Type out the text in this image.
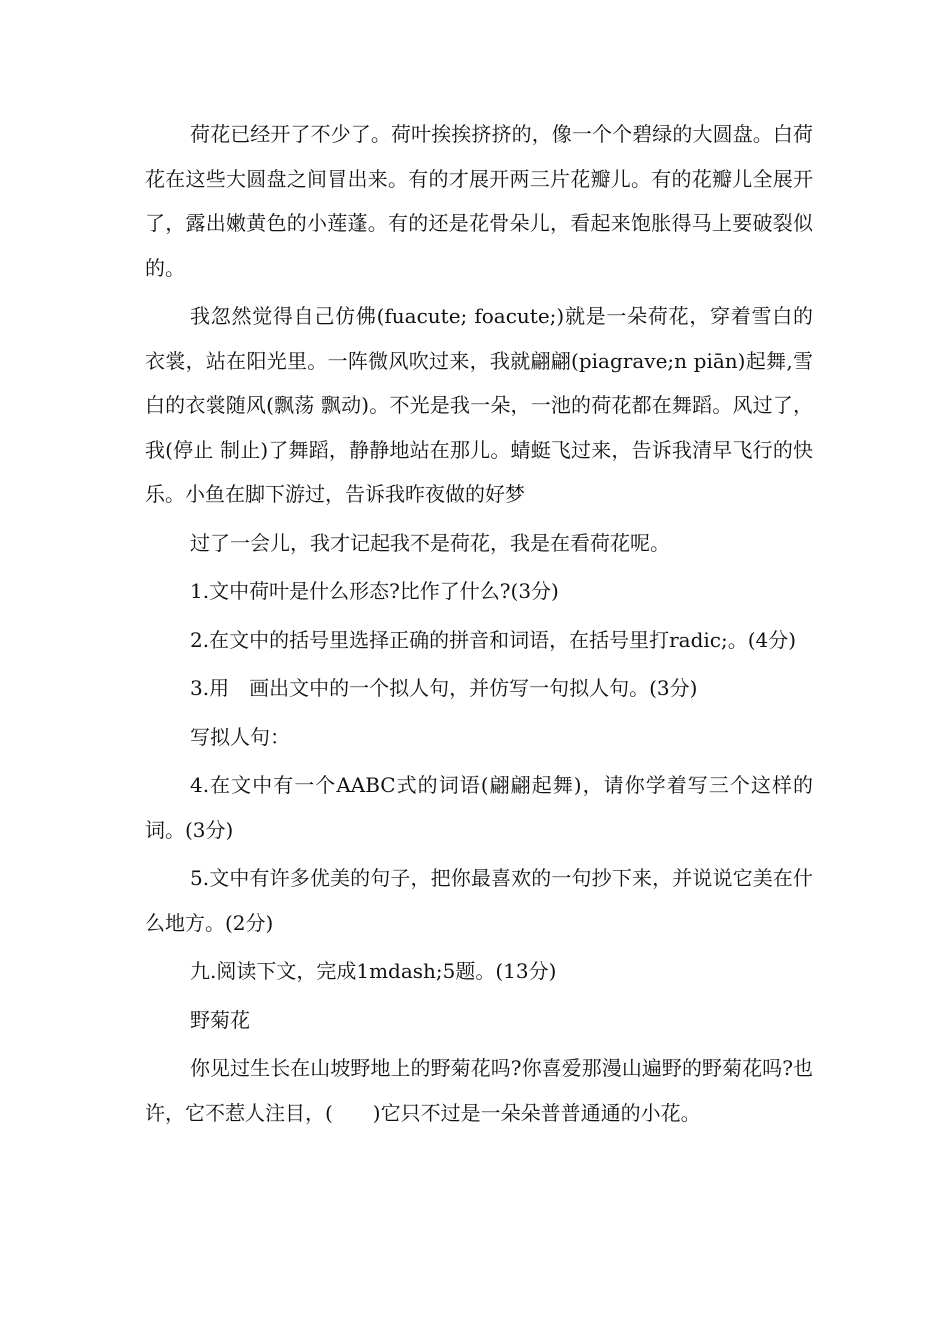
荷花已经开了不少了。荷叶挨挨挤挤的，像一个个碧绿的大圆盘。白荷花在这些大圆盘之间冒出来。有的才展开两三片花瓣儿。有的花瓣儿全展开了，露出嫩黄色的小莲蓬。有的还是花骨朵儿，看起来饱胀得马上要破裂似的。

我忽然觉得自己仿佛(fuacute; foacute;)就是一朵荷花，穿着雪白的衣裳，站在阳光里。一阵微风吹过来，我就翩翩(piagrave;n piān)起舞,雪白的衣裳随风(飘荡 飘动)。不光是我一朵，一池的荷花都在舞蹈。风过了，我(停止 制止)了舞蹈，静静地站在那儿。蜻蜓飞过来，告诉我清早飞行的快乐。小鱼在脚下游过，告诉我昨夜做的好梦

过了一会儿，我才记起我不是荷花，我是在看荷花呢。

1.文中荷叶是什么形态?比作了什么?(3分)

2.在文中的括号里选择正确的拼音和词语，在括号里打radic;。(4分)

3.用　画出文中的一个拟人句，并仿写一句拟人句。(3分)

写拟人句：

4.在文中有一个AABC式的词语(翩翩起舞)，请你学着写三个这样的词。(3分)

5.文中有许多优美的句子，把你最喜欢的一句抄下来，并说说它美在什么地方。(2分)

九.阅读下文，完成1mdash;5题。(13分)

野菊花

你见过生长在山坡野地上的野菊花吗?你喜爱那漫山遍野的野菊花吗?也许，它不惹人注目，(　　)它只不过是一朵朵普普通通的小花。
